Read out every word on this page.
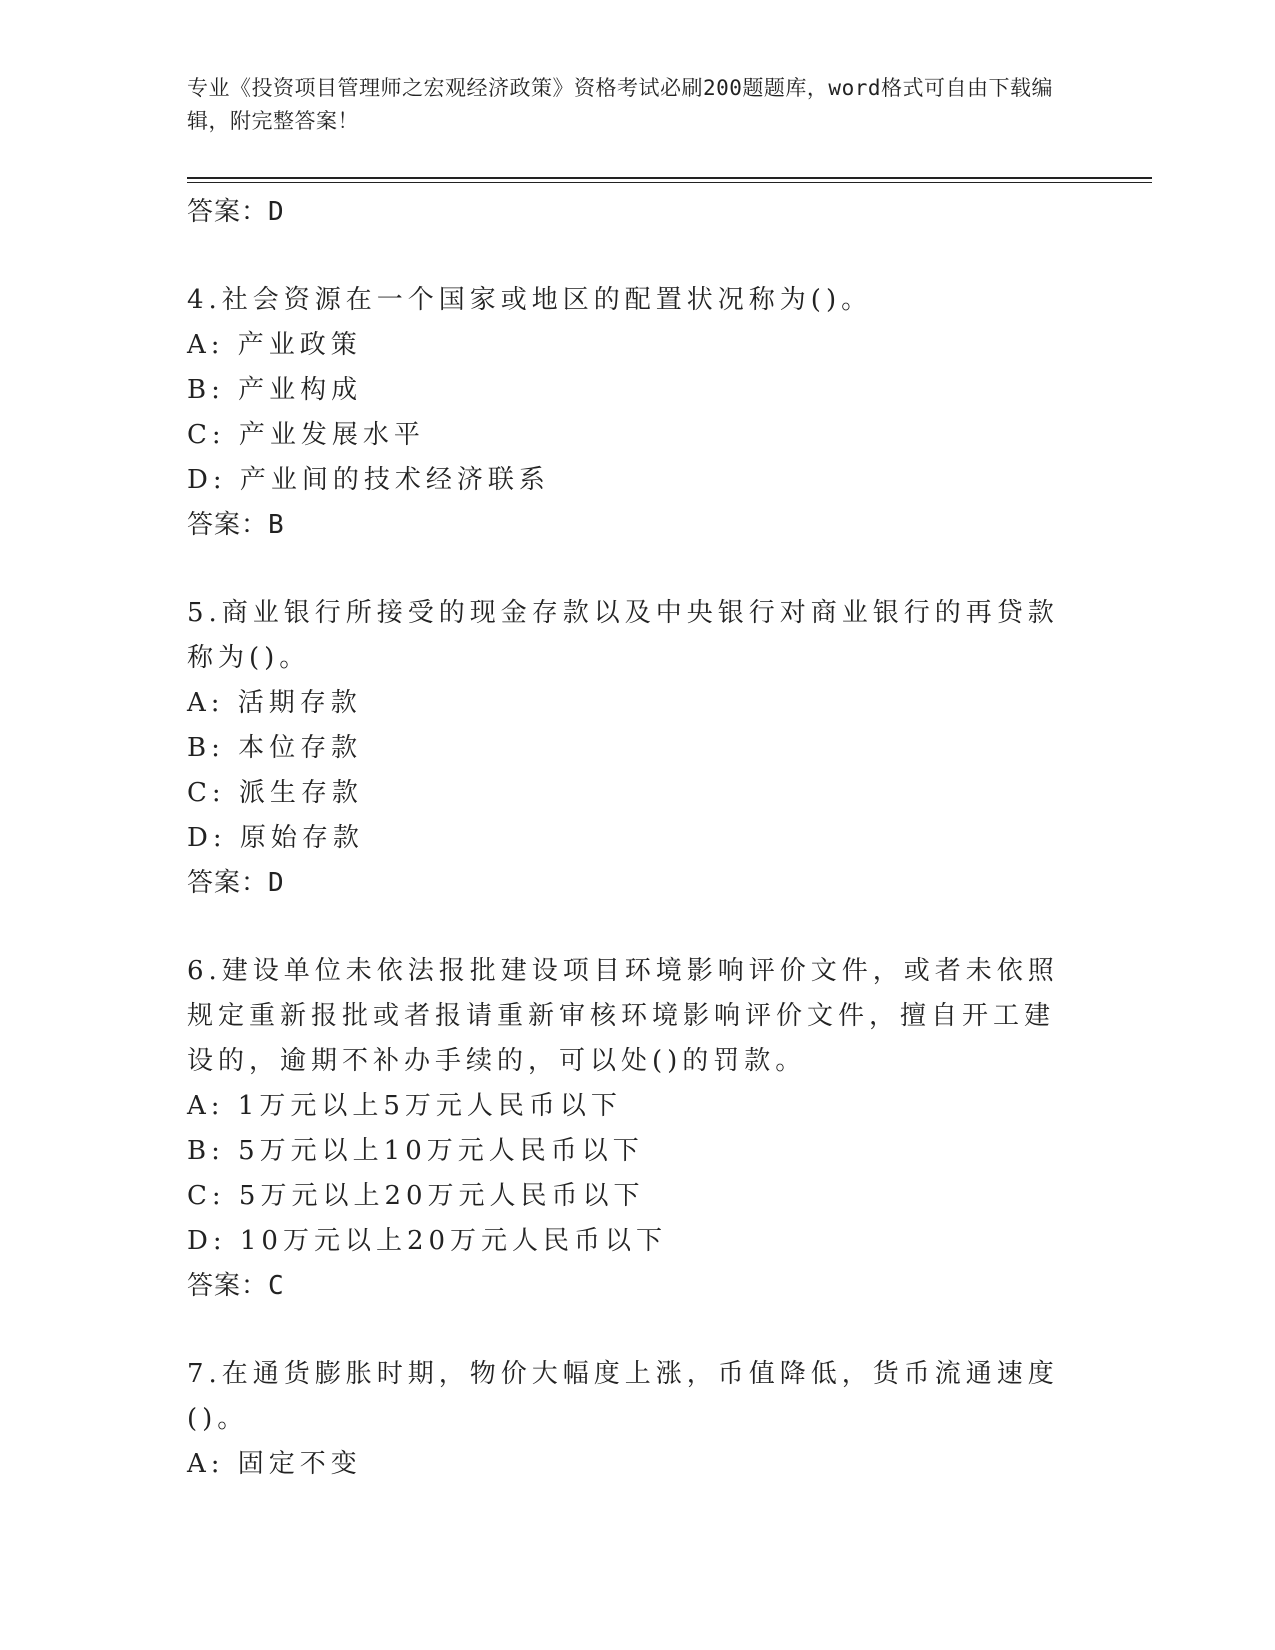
专业《投资项目管理师之宏观经济政策》资格考试必刷200题题库，word格式可自由下载编辑，附完整答案！
答案：D
4.社会资源在一个国家或地区的配置状况称为()。
A: 产业政策
B: 产业构成
C: 产业发展水平
D: 产业间的技术经济联系
答案：B
5.商业银行所接受的现金存款以及中央银行对商业银行的再贷款称为()。
A: 活期存款
B: 本位存款
C: 派生存款
D: 原始存款
答案：D
6.建设单位未依法报批建设项目环境影响评价文件，或者未依照规定重新报批或者报请重新审核环境影响评价文件，擅自开工建设的，逾期不补办手续的，可以处()的罚款。
A: 1万元以上5万元人民币以下
B: 5万元以上10万元人民币以下
C: 5万元以上20万元人民币以下
D: 10万元以上20万元人民币以下
答案：C
7.在通货膨胀时期，物价大幅度上涨，币值降低，货币流通速度()。
A: 固定不变
